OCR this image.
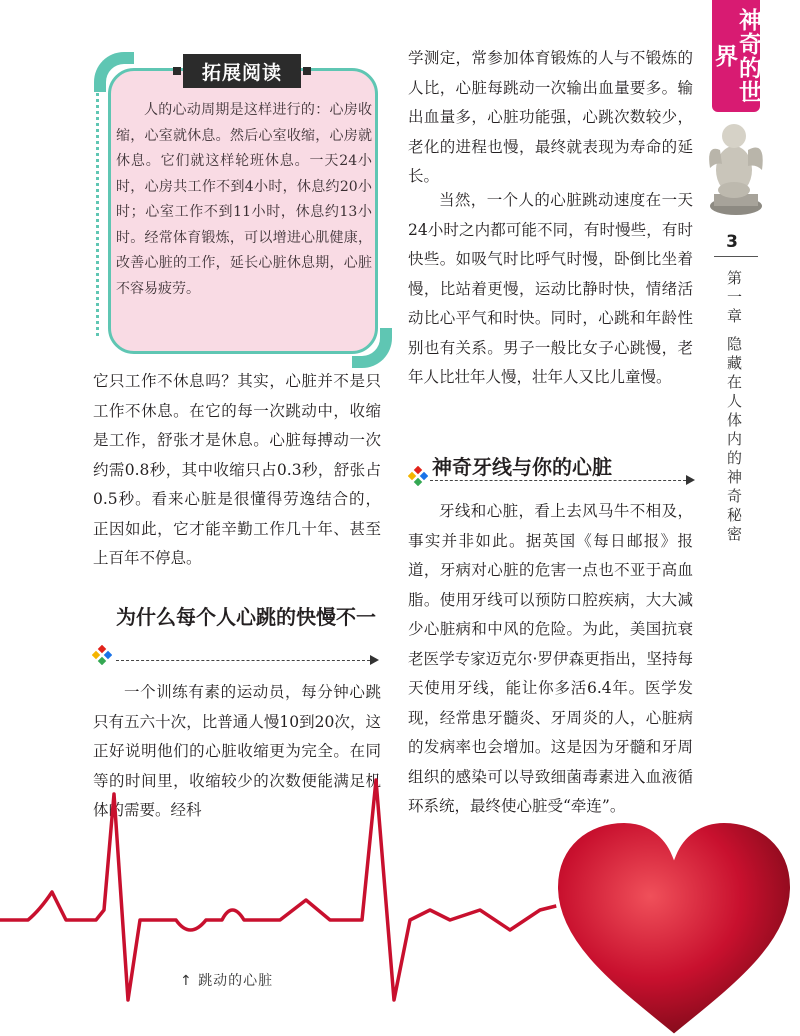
神奇的世界
3
第一章 隐藏在人体内的神奇秘密
拓展阅读
人的心动周期是这样进行的：心房收缩，心室就休息。然后心室收缩，心房就休息。它们就这样轮班休息。一天24小时，心房共工作不到4小时，休息约20小时；心室工作不到11小时，休息约13小时。经常体育锻炼，可以增进心肌健康，改善心脏的工作，延长心脏休息期，心脏不容易疲劳。
它只工作不休息吗？其实，心脏并不是只工作不休息。在它的每一次跳动中，收缩是工作，舒张才是休息。心脏每搏动一次约需0.8秒，其中收缩只占0.3秒，舒张占0.5秒。看来心脏是很懂得劳逸结合的，正因如此，它才能辛勤工作几十年、甚至上百年不停息。
为什么每个人心跳的快慢不一
一个训练有素的运动员，每分钟心跳只有五六十次，比普通人慢10到20次，这正好说明他们的心脏收缩更为完全。在同等的时间里，收缩较少的次数便能满足机体的需要。经科
学测定，常参加体育锻炼的人与不锻炼的人比，心脏每跳动一次输出血量要多。输出血量多，心脏功能强，心跳次数较少，老化的进程也慢，最终就表现为寿命的延长。
当然，一个人的心脏跳动速度在一天24小时之内都可能不同，有时慢些，有时快些。如吸气时比呼气时慢，卧倒比坐着慢，比站着更慢，运动比静时快，情绪活动比心平气和时快。同时，心跳和年龄性别也有关系。男子一般比女子心跳慢，老年人比壮年人慢，壮年人又比儿童慢。
神奇牙线与你的心脏
牙线和心脏，看上去风马牛不相及，事实并非如此。据英国《每日邮报》报道，牙病对心脏的危害一点也不亚于高血脂。使用牙线可以预防口腔疾病，大大减少心脏病和中风的危险。为此，美国抗衰老医学专家迈克尔·罗伊森更指出，坚持每天使用牙线，能让你多活6.4年。医学发现，经常患牙髓炎、牙周炎的人，心脏病的发病率也会增加。这是因为牙髓和牙周组织的感染可以导致细菌毒素进入血液循环系统，最终使心脏受“牵连”。
↑ 跳动的心脏
